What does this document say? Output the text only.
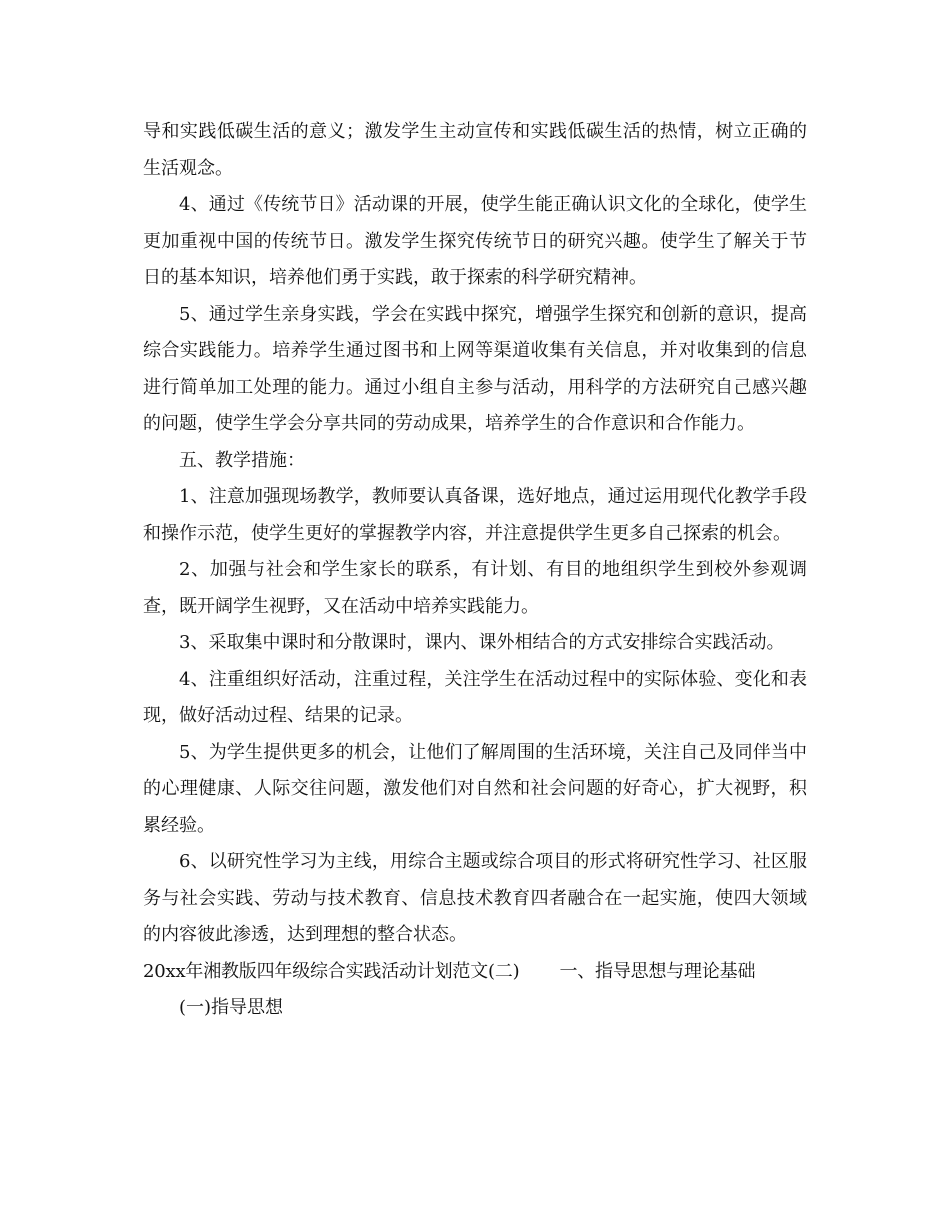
导和实践低碳生活的意义；激发学生主动宣传和实践低碳生活的热情，树立正确的生活观念。

4、通过《传统节日》活动课的开展，使学生能正确认识文化的全球化，使学生更加重视中国的传统节日。激发学生探究传统节日的研究兴趣。使学生了解关于节日的基本知识，培养他们勇于实践，敢于探索的科学研究精神。

5、通过学生亲身实践，学会在实践中探究，增强学生探究和创新的意识，提高综合实践能力。培养学生通过图书和上网等渠道收集有关信息，并对收集到的信息进行简单加工处理的能力。通过小组自主参与活动，用科学的方法研究自己感兴趣的问题，使学生学会分享共同的劳动成果，培养学生的合作意识和合作能力。

五、教学措施：

1、注意加强现场教学，教师要认真备课，选好地点，通过运用现代化教学手段和操作示范，使学生更好的掌握教学内容，并注意提供学生更多自己探索的机会。

2、加强与社会和学生家长的联系，有计划、有目的地组织学生到校外参观调查，既开阔学生视野，又在活动中培养实践能力。

3、采取集中课时和分散课时，课内、课外相结合的方式安排综合实践活动。

4、注重组织好活动，注重过程，关注学生在活动过程中的实际体验、变化和表现，做好活动过程、结果的记录。

5、为学生提供更多的机会，让他们了解周围的生活环境，关注自己及同伴当中的心理健康、人际交往问题，激发他们对自然和社会问题的好奇心，扩大视野，积累经验。

6、以研究性学习为主线，用综合主题或综合项目的形式将研究性学习、社区服务与社会实践、劳动与技术教育、信息技术教育四者融合在一起实施，使四大领域的内容彼此渗透，达到理想的整合状态。

20xx年湘教版四年级综合实践活动计划范文(二) 一、指导思想与理论基础

(一)指导思想
